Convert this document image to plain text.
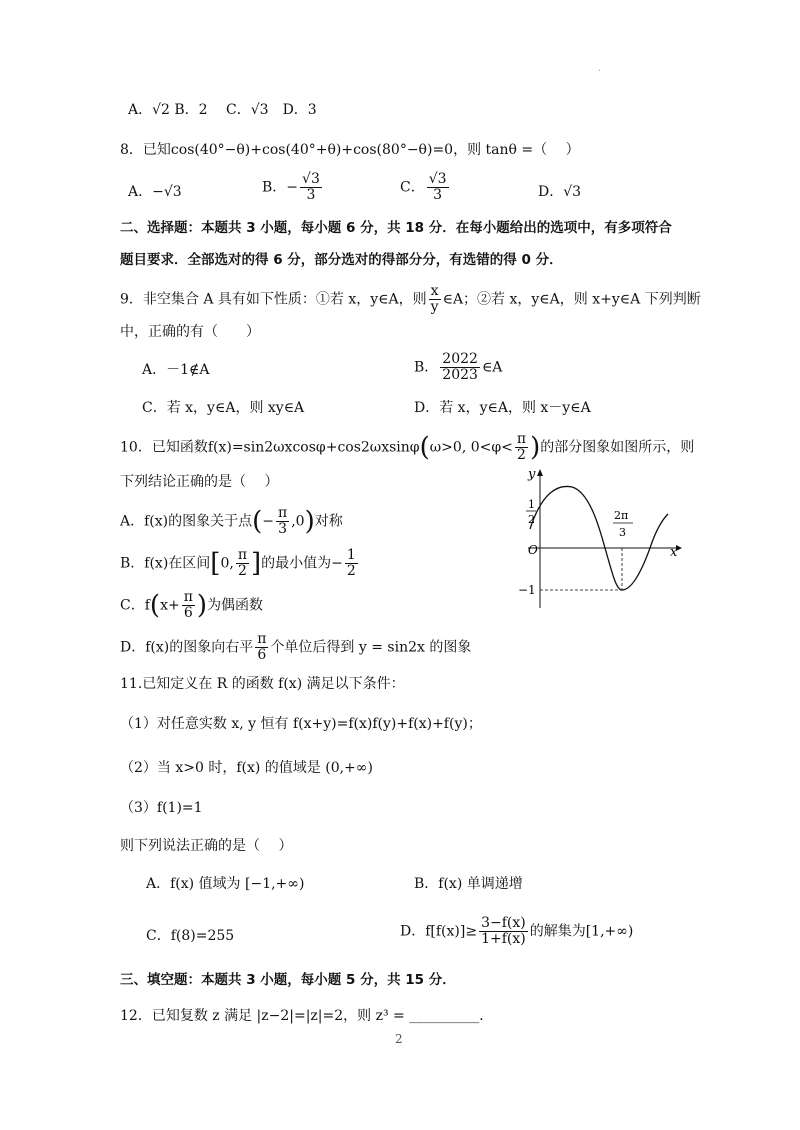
.
A．√2 B．2　 C．√3　D．3
8．已知cos(40°−θ)+cos(40°+θ)+cos(80°−θ)=0，则 tanθ =（　 ）
A．−√3	B．− $\frac{√3}{3}$	C． $\frac{√3}{3}$	D．√3
二、选择题：本题共 3 小题，每小题 6 分，共 18 分．在每小题给出的选项中，有多项符合
题目要求．全部选对的得 6 分，部分选对的得部分分，有选错的得 0 分．
9．非空集合 A 具有如下性质：①若 x，y∈A，则 $\frac{x}{y}$ ∈A；②若 x，y∈A，则 x+y∈A 下列判断
中，正确的有（　　）
A．－1∉A	B． $\frac{2022}{2023}$ ∈A
C．若 x，y∈A，则 xy∈A	D．若 x，y∈A，则 x－y∈A
10．已知函数f(x)=sin2ωxcosφ+cos2ωxsinφ(ω>0, $0<\varphi< \frac{\pi}{2}$ )的部分图象如图所示，则
下列结论正确的是（　 ）
A．f(x)的图象关于点(− $\frac{\pi}{3} ,0$)对称
B．f(x)在区间[0, $\frac{\pi}{2}$ ]的最小值为− $\frac{1}{2}$
C．$f(x+ \frac{\pi}{6}$ )为偶函数
D．f(x)的图象向右平 $\frac{\pi}{6}$ 个单位后得到 y = sin2x 的图象
y
x
O
1
2	2π
3
−1
11.已知定义在 R 的函数 f(x) 满足以下条件：
（1）对任意实数 x, y 恒有 f(x+y)=f(x)f(y)+f(x)+f(y)；
（2）当 x>0 时，f(x) 的值域是 (0,+∞)
（3）f(1)=1
则下列说法正确的是（　 ）
A．f(x) 值域为 [−1,+∞)	B．f(x) 单调递增
C．f(8)=255	D．$f[f(x)]\ge \frac{3-f(x)}{1+f(x)}$ 的解集为[1,+∞)
三、填空题：本题共 3 小题，每小题 5 分，共 15 分．
12．已知复数 z 满足 |z−2|=|z|=2，则 z³ = __________．
2
